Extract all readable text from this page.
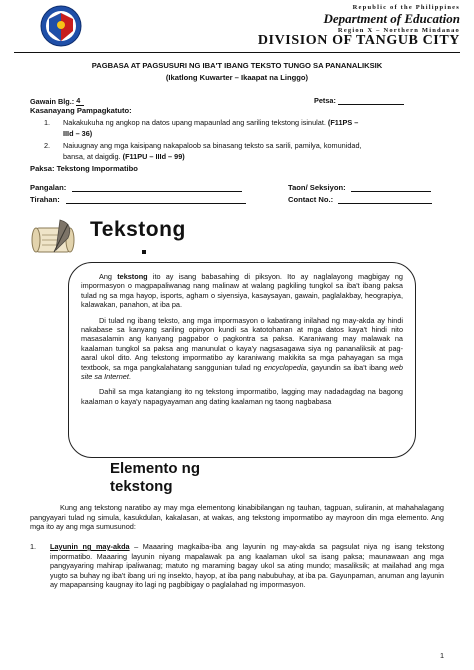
Republic of the Philippines
Department of Education
Region X – Northern Mindanao
DIVISION OF TANGUB CITY
PAGBASA AT PAGSUSURI NG IBA'T IBANG TEKSTO TUNGO SA PANANALIKSIK
(Ikatlong Kuwarter – Ikaapat na Linggo)
Gawain Blg.: 4	Petsa:
Kasanayang Pampagkatuto:
1. Nakakukuha ng angkop na datos upang mapaunlad ang sariling tekstong isinulat. (F11PS –
IIId – 36)
2. Naiuugnay ang mga kaisipang nakapaloob sa binasang teksto sa sarili, pamilya, komunidad,
bansa, at daigdig. (F11PU – IIId – 99)
Paksa: Tekstong Impormatibo
Pangalan:	Taon/ Seksiyon:
Tirahan:	Contact No.:
Tekstong

Ang tekstong ito ay isang babasahing di piksyon. Ito ay naglalayong magbigay ng impormasyon o magpapaliwanag nang malinaw at walang pagkiling tungkol sa iba't ibang paksa tulad ng sa mga hayop, isports, agham o siyensiya, kasaysayan, gawain, paglalakbay, heograpiya, kalawakan, panahon, at iba pa.

Di tulad ng ibang teksto, ang mga impormasyon o kabatirang inilahad ng may-akda ay hindi nakabase sa kanyang sariling opinyon kundi sa katotohanan at mga datos kaya't hindi nito masasalamin ang kanyang pagpabor o pagkontra sa paksa. Karaniwang may malawak na kaalaman tungkol sa paksa ang manunulat o kaya'y nagsasagawa siya ng pananaliksik at pag-aaral ukol dito. Ang tekstong impormatibo ay karaniwang makikita sa mga pahayagan sa mga textbook, sa mga pangkalahatang sanggunian tulad ng encyclopedia, gayundin sa iba't ibang web site sa Internet.

Dahil sa mga katangiang ito ng tekstong impormatibo, lagging may nadadagdag na bagong kaalaman o kaya'y napagyayaman ang dating kaalaman ng taong nagbabasa

Elemento ng
tekstong
Kung ang tekstong naratibo ay may mga elementong kinabibilangan ng tauhan, tagpuan, suliranin, at mahahalagang pangyayari tulad ng simula, kasukdulan, kakalasan, at wakas, ang tekstong impormatibo ay mayroon din mga elemento. Ang mga ito ay ang mga sumusunod:
1. Layunin ng may-akda – Maaaring magkaiba-iba ang layunin ng may-akda sa pagsulat niya ng isang tekstong impormatibo. Maaaring layunin niyang mapalawak pa ang kaalaman ukol sa isang paksa; maunawaan ang mga pangyayaring mahirap ipaliwanag; matuto ng maraming bagay ukol sa ating mundo; masaliksik; at mailahad ang mga yugto sa buhay ng iba't ibang uri ng insekto, hayop, at iba pang nabubuhay, at iba pa. Gayunpaman, anuman ang layunin ay mapapansing kaugnay ito lagi ng pagbibigay o paglalahad ng impormasyon.
1
